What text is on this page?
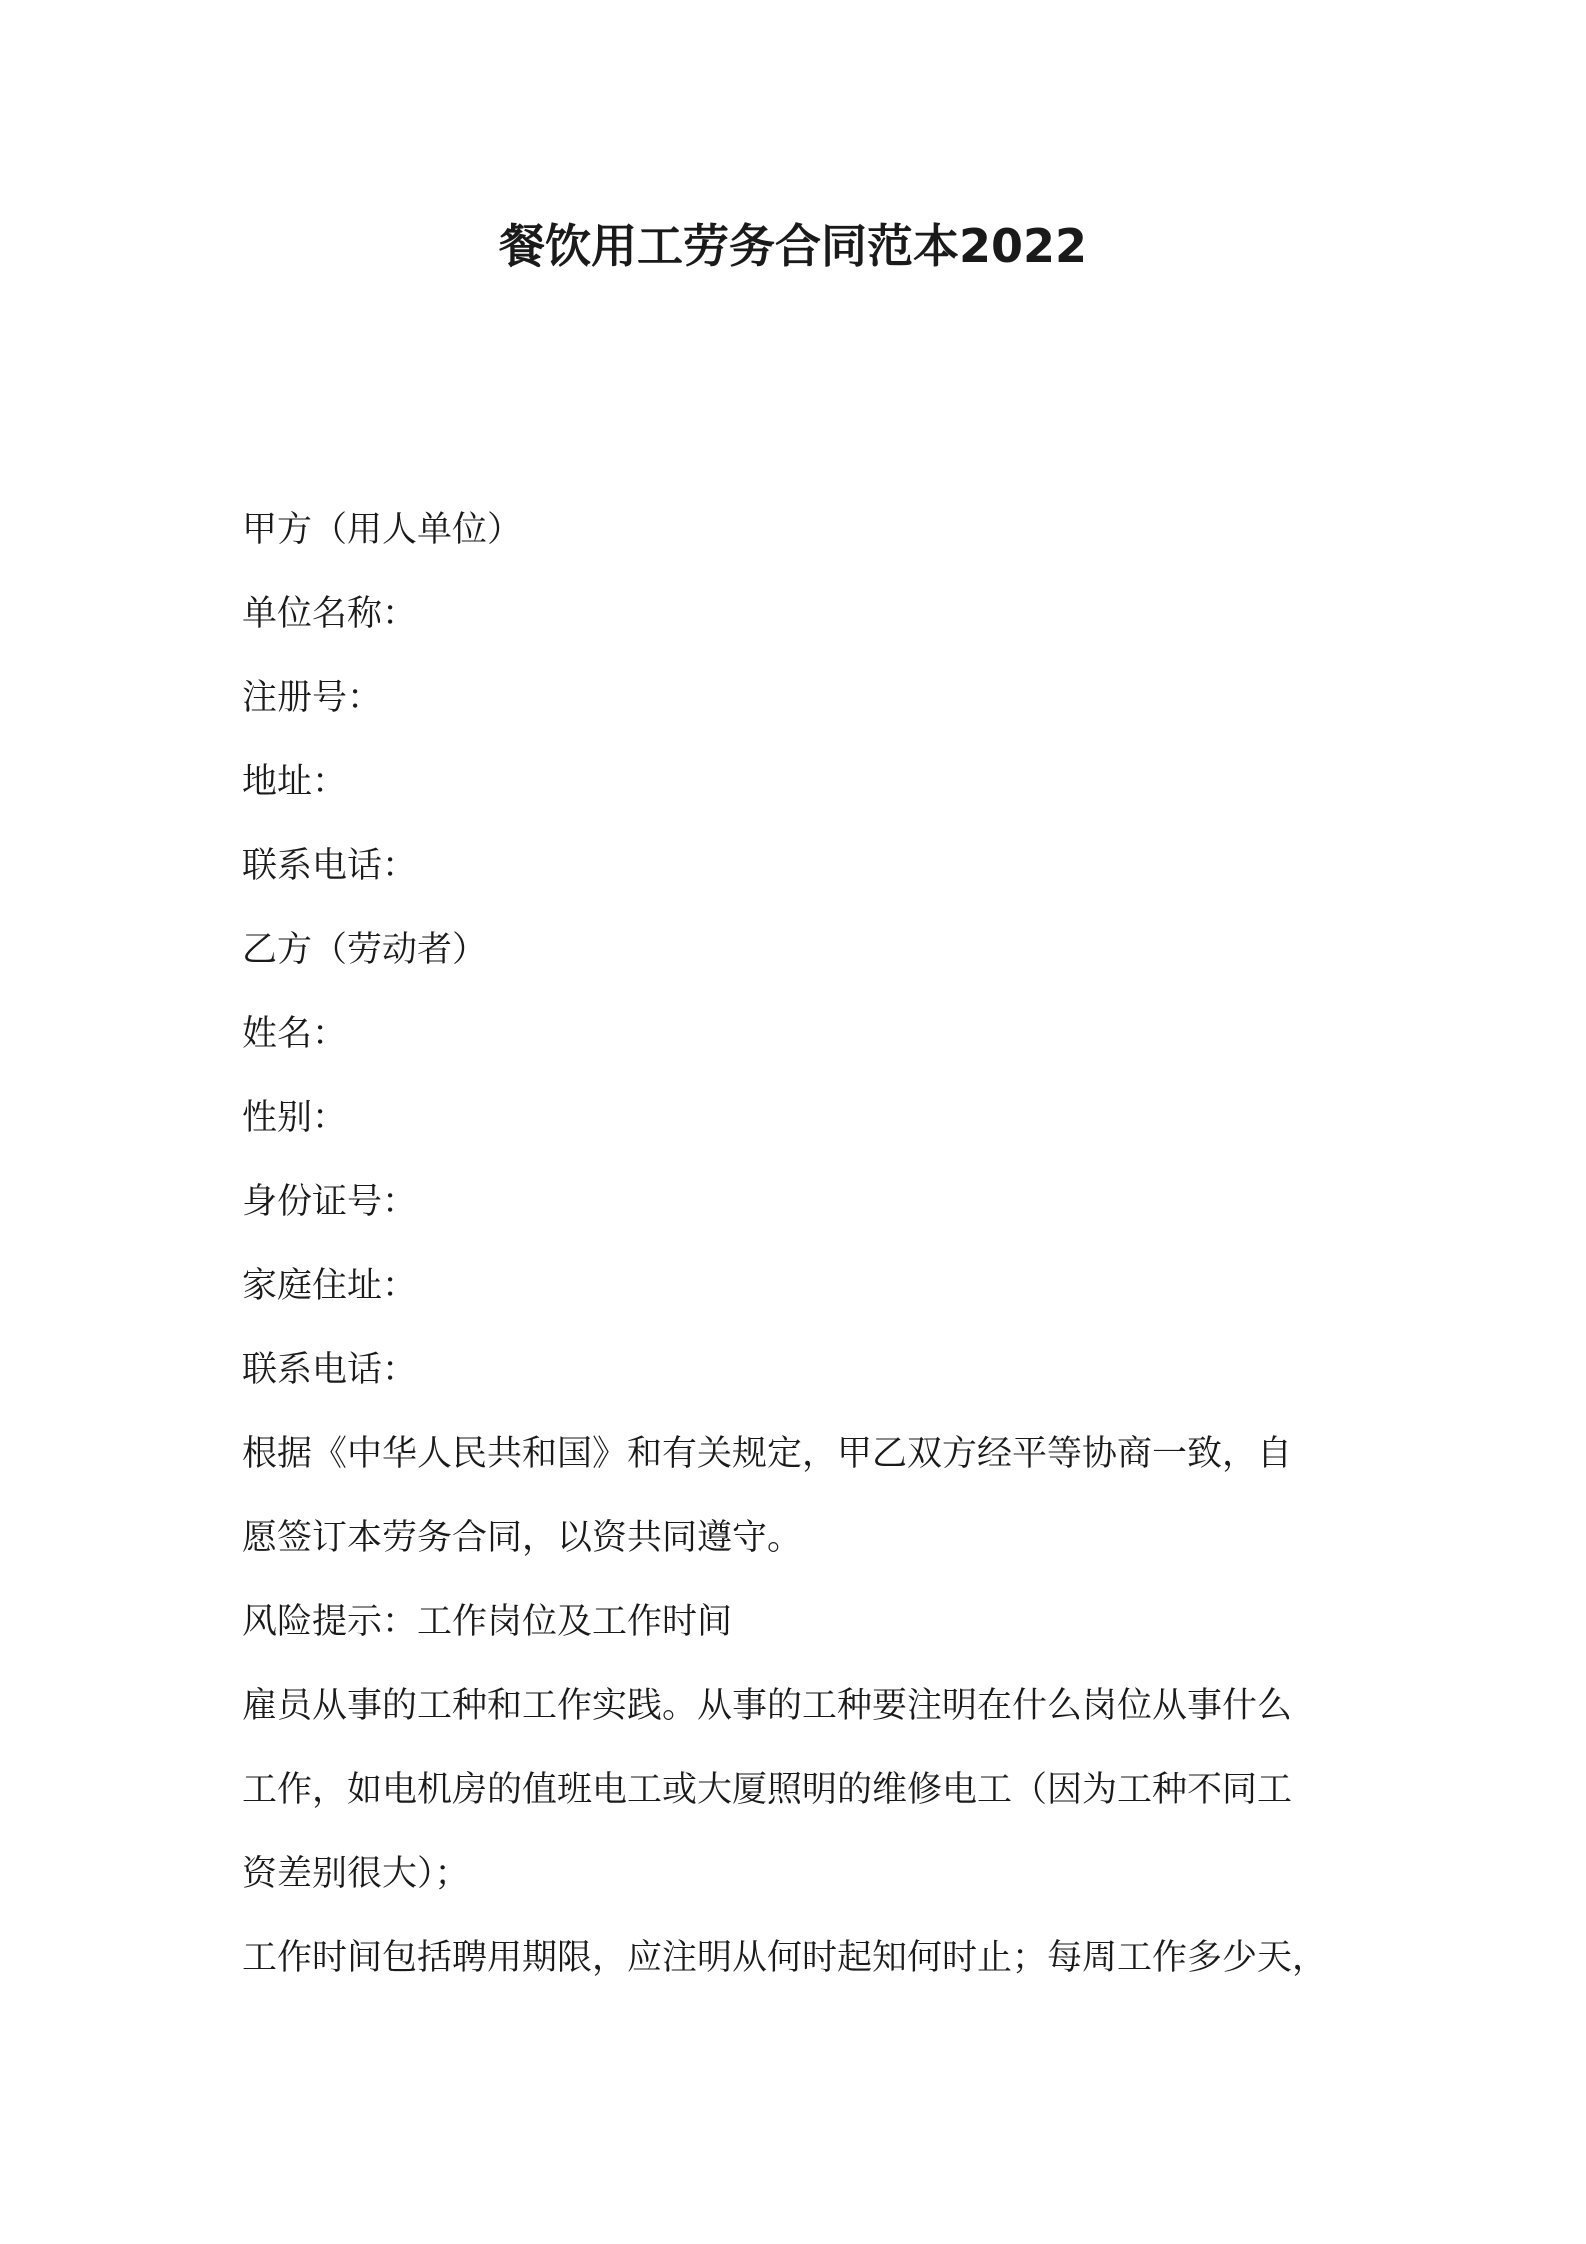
餐饮用工劳务合同范本2022
甲方（用人单位）
单位名称：
注册号：
地址：
联系电话：
乙方（劳动者）
姓名：
性别：
身份证号：
家庭住址：
联系电话：
根据《中华人民共和国》和有关规定，甲乙双方经平等协商一致，自
愿签订本劳务合同，以资共同遵守。
风险提示：工作岗位及工作时间
雇员从事的工种和工作实践。从事的工种要注明在什么岗位从事什么
工作，如电机房的值班电工或大厦照明的维修电工（因为工种不同工
资差别很大）；
工作时间包括聘用期限，应注明从何时起知何时止；每周工作多少天，
